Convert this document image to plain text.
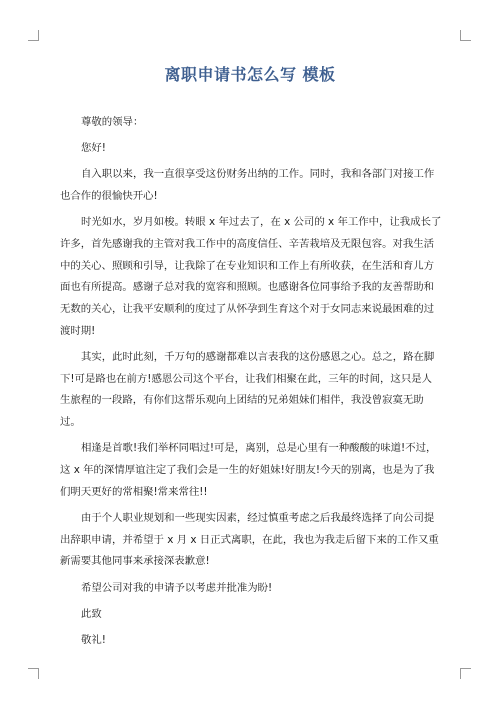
离职申请书怎么写 模板

尊敬的领导：

您好!

自入职以来，我一直很享受这份财务出纳的工作。同时，我和各部门对接工作也合作的很愉快开心!

时光如水，岁月如梭。转眼 x 年过去了，在 x 公司的 x 年工作中，让我成长了许多，首先感谢我的主管对我工作中的高度信任、辛苦栽培及无限包容。对我生活中的关心、照顾和引导，让我除了在专业知识和工作上有所收获，在生活和育儿方面也有所提高。感谢子总对我的宽容和照顾。也感谢各位同事给予我的友善帮助和无数的关心，让我平安顺利的度过了从怀孕到生育这个对于女同志来说最困难的过渡时期!

其实，此时此刻，千万句的感谢都难以言表我的这份感恩之心。总之，路在脚下!可是路也在前方!感恩公司这个平台，让我们相聚在此，三年的时间，这只是人生旅程的一段路，有你们这帮乐观向上团结的兄弟姐妹们相伴，我没曾寂寞无助过。

相逢是首歌!我们举杯同唱过!可是，离别，总是心里有一种酸酸的味道!不过，这 x 年的深情厚谊注定了我们会是一生的好姐妹!好朋友!今天的别离，也是为了我们明天更好的常相聚!常来常往!!

由于个人职业规划和一些现实因素，经过慎重考虑之后我最终选择了向公司提出辞职申请，并希望于 x 月 x 日正式离职，在此，我也为我走后留下来的工作又重新需要其他同事来承接深表歉意!

希望公司对我的申请予以考虑并批准为盼!

此致

敬礼!
